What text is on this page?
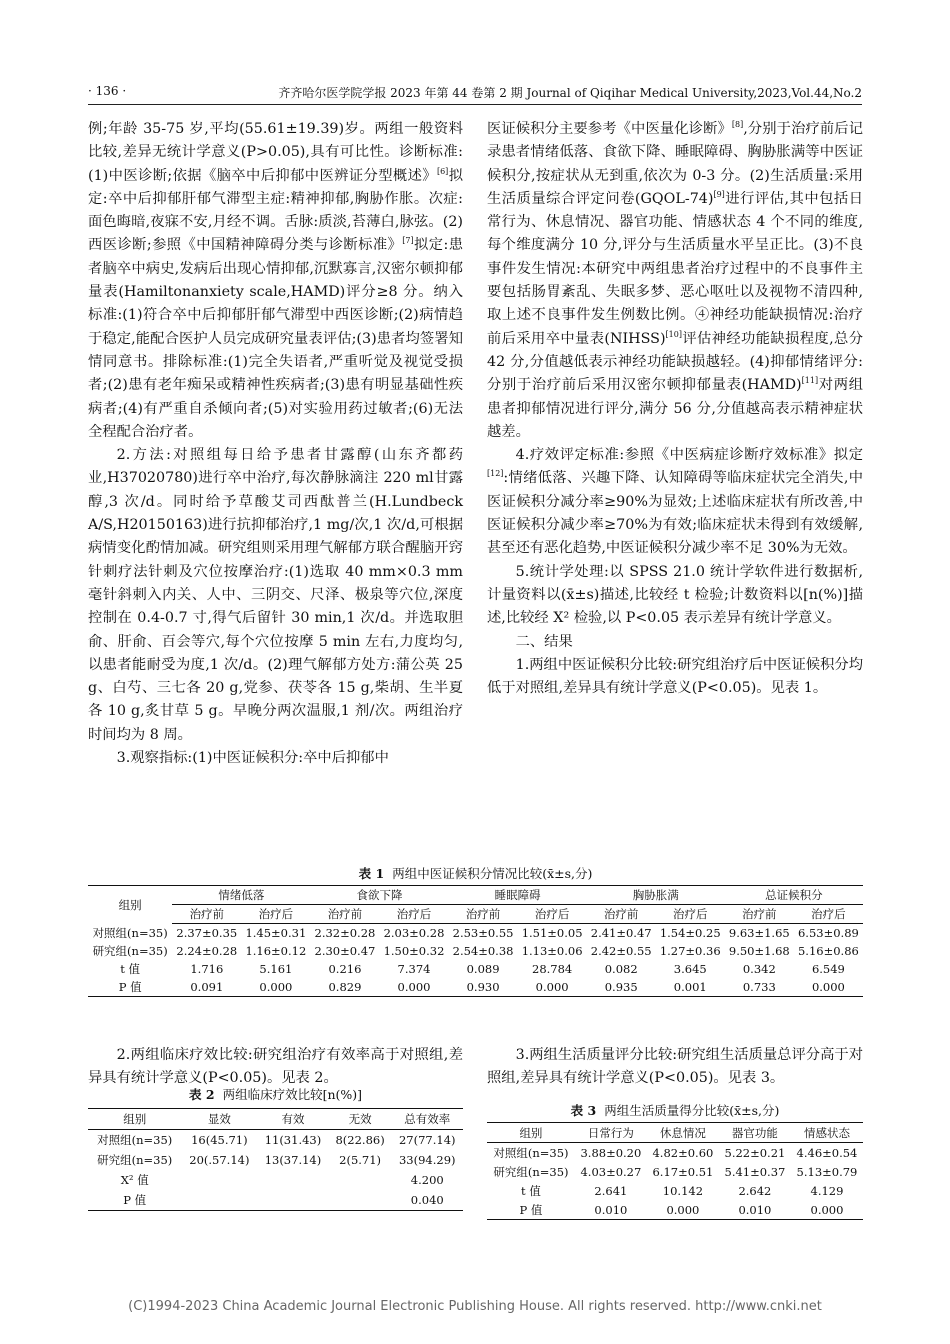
· 136 ·	齐齐哈尔医学院学报 2023 年第 44 卷第 2 期 Journal of Qiqihar Medical University,2023,Vol.44,No.2

例;年龄 35-75 岁,平均(55.61±19.39)岁。两组一般资料比较,差异无统计学意义(P>0.05),具有可比性。诊断标准:(1)中医诊断;依据《脑卒中后抑郁中医辨证分型概述》[6]拟定:卒中后抑郁肝郁气滞型主症:精神抑郁,胸胁作胀。次症:面色晦暗,夜寐不安,月经不调。舌脉:质淡,苔薄白,脉弦。(2)西医诊断;参照《中国精神障碍分类与诊断标准》[7]拟定:患者脑卒中病史,发病后出现心情抑郁,沉默寡言,汉密尔顿抑郁量表(Hamiltonanxiety scale,HAMD)评分≥8 分。纳入标准:(1)符合卒中后抑郁肝郁气滞型中西医诊断;(2)病情趋于稳定,能配合医护人员完成研究量表评估;(3)患者均签署知情同意书。排除标准:(1)完全失语者,严重听觉及视觉受损者;(2)患有老年痴呆或精神性疾病者;(3)患有明显基础性疾病者;(4)有严重自杀倾向者;(5)对实验用药过敏者;(6)无法全程配合治疗者。

2.方法:对照组每日给予患者甘露醇(山东齐都药业,H37020780)进行卒中治疗,每次静脉滴注 220 ml甘露醇,3 次/d。同时给予草酸艾司西酞普兰(H.Lundbeck A/S,H20150163)进行抗抑郁治疗,1 mg/次,1 次/d,可根据病情变化酌情加减。研究组则采用理气解郁方联合醒脑开窍针刺疗法针刺及穴位按摩治疗:(1)选取 40 mm×0.3 mm 毫针斜刺入内关、人中、三阴交、尺泽、极泉等穴位,深度控制在 0.4-0.7 寸,得气后留针 30 min,1 次/d。并选取胆俞、肝俞、百会等穴,每个穴位按摩 5 min 左右,力度均匀,以患者能耐受为度,1 次/d。(2)理气解郁方处方:蒲公英 25 g、白芍、三七各 20 g,党参、茯苓各 15 g,柴胡、生半夏各 10 g,炙甘草 5 g。早晚分两次温服,1 剂/次。两组治疗时间均为 8 周。

3.观察指标:(1)中医证候积分:卒中后抑郁中

医证候积分主要参考《中医量化诊断》[8],分别于治疗前后记录患者情绪低落、食欲下降、睡眠障碍、胸胁胀满等中医证候积分,按症状从无到重,依次为 0-3 分。(2)生活质量:采用生活质量综合评定问卷(GQOL-74)[9]进行评估,其中包括日常行为、休息情况、器官功能、情感状态 4 个不同的维度,每个维度满分 10 分,评分与生活质量水平呈正比。(3)不良事件发生情况:本研究中两组患者治疗过程中的不良事件主要包括肠胃紊乱、失眠多梦、恶心呕吐以及视物不清四种,取上述不良事件发生例数比例。④神经功能缺损情况:治疗前后采用卒中量表(NIHSS)[10]评估神经功能缺损程度,总分 42 分,分值越低表示神经功能缺损越轻。(4)抑郁情绪评分:分别于治疗前后采用汉密尔顿抑郁量表(HAMD)[11]对两组患者抑郁情况进行评分,满分 56 分,分值越高表示精神症状越差。

4.疗效评定标准:参照《中医病症诊断疗效标准》拟定[12]:情绪低落、兴趣下降、认知障碍等临床症状完全消失,中医证候积分减分率≥90%为显效;上述临床症状有所改善,中医证候积分减少率≥70%为有效;临床症状未得到有效缓解,甚至还有恶化趋势,中医证候积分减少率不足 30%为无效。

5.统计学处理:以 SPSS 21.0 统计学软件进行数据析,计量资料以(x̄±s)描述,比较经 t 检验;计数资料以[n(%)]描述,比较经 X² 检验,以 P<0.05 表示差异有统计学意义。

二、结果

1.两组中医证候积分比较:研究组治疗后中医证候积分均低于对照组,差异具有统计学意义(P<0.05)。见表 1。

表 1 两组中医证候积分情况比较(x̄±s,分)
组别	情绪低落		食欲下降		睡眠障碍		胸胁胀满		总证候积分	
	治疗前	治疗后	治疗前	治疗后	治疗前	治疗后	治疗前	治疗后	治疗前	治疗后
对照组(n=35)	2.37±0.35	1.45±0.31	2.32±0.28	2.03±0.28	2.53±0.55	1.51±0.05	2.41±0.47	1.54±0.25	9.63±1.65	6.53±0.89
研究组(n=35)	2.24±0.28	1.16±0.12	2.30±0.47	1.50±0.32	2.54±0.38	1.13±0.06	2.42±0.55	1.27±0.36	9.50±1.68	5.16±0.86
t 值	1.716	5.161	0.216	7.374	0.089	28.784	0.082	3.645	0.342	6.549
P 值	0.091	0.000	0.829	0.000	0.930	0.000	0.935	0.001	0.733	0.000

2.两组临床疗效比较:研究组治疗有效率高于对照组,差异具有统计学意义(P<0.05)。见表 2。

表 2 两组临床疗效比较[n(%)]
组别	显效	有效	无效	总有效率
对照组(n=35)	16(45.71)	11(31.43)	8(22.86)	27(77.14)
研究组(n=35)	20(.57.14)	13(37.14)	2(5.71)	33(94.29)
X² 值				4.200
P 值				0.040

3.两组生活质量评分比较:研究组生活质量总评分高于对照组,差异具有统计学意义(P<0.05)。见表 3。

表 3 两组生活质量得分比较(x̄±s,分)
组别	日常行为	休息情况	器官功能	情感状态
对照组(n=35)	3.88±0.20	4.82±0.60	5.22±0.21	4.46±0.54
研究组(n=35)	4.03±0.27	6.17±0.51	5.41±0.37	5.13±0.79
t 值	2.641	10.142	2.642	4.129
P 值	0.010	0.000	0.010	0.000
(C)1994-2023 China Academic Journal Electronic Publishing House. All rights reserved. http://www.cnki.net
